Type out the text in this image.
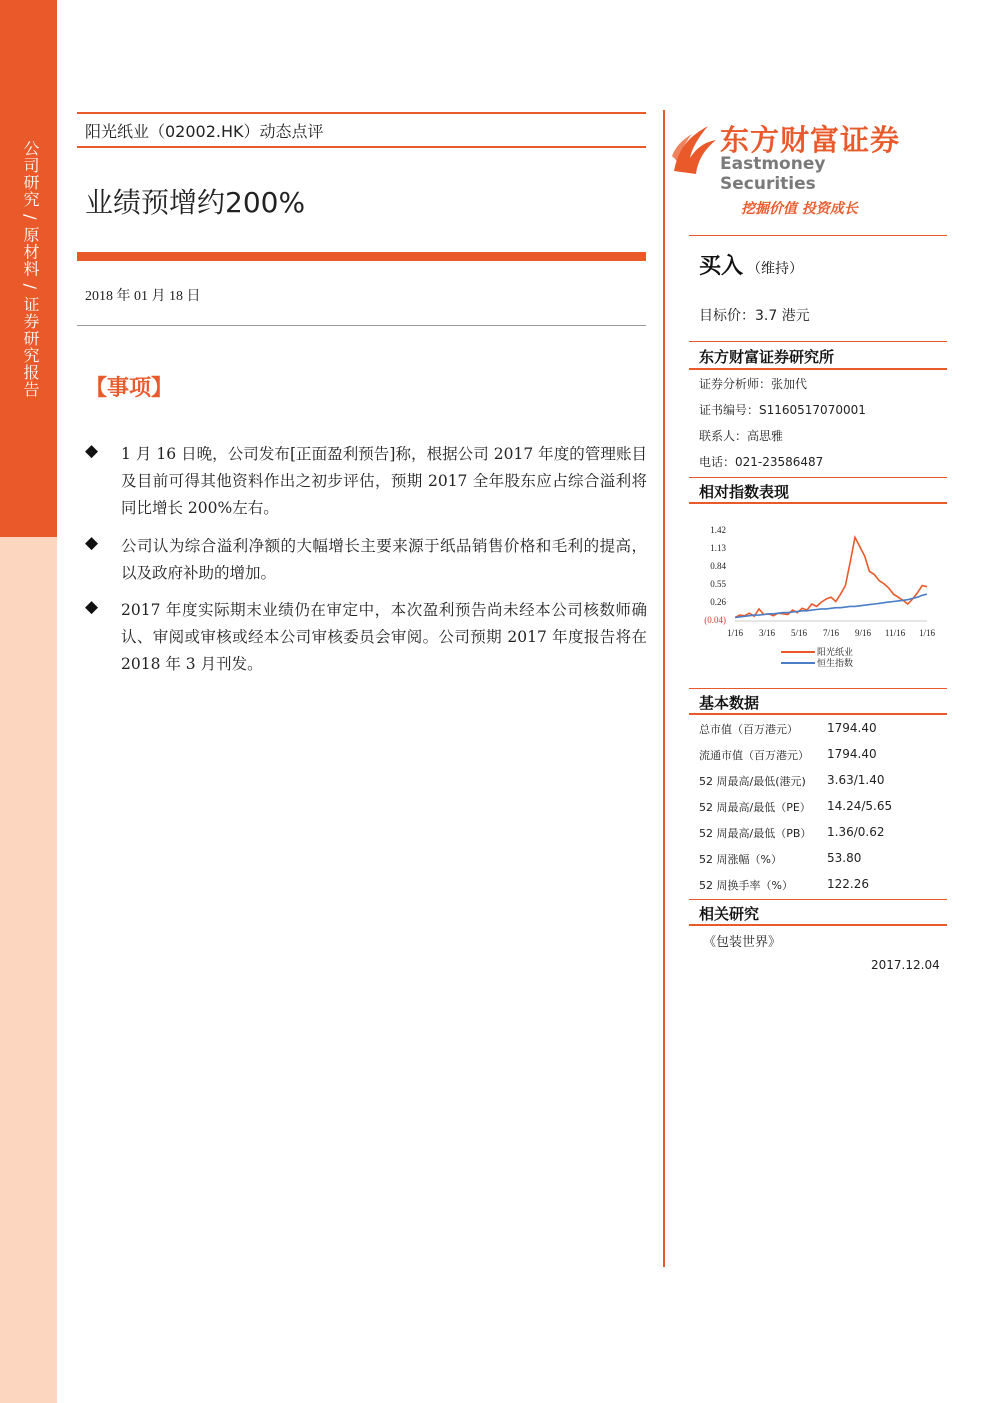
公司研究 / 原材料 / 证券研究报告
阳光纸业（02002.HK）动态点评
业绩预增约200%
2018 年 01 月 18 日
【事项】
◆ 1 月 16 日晚，公司发布[正面盈利预告]称，根据公司 2017 年度的管理账目及目前可得其他资料作出之初步评估，预期 2017 全年股东应占综合溢利将同比增长 200%左右。
◆ 公司认为综合溢利净额的大幅增长主要来源于纸品销售价格和毛利的提高，以及政府补助的增加。
◆ 2017 年度实际期末业绩仍在审定中，本次盈利预告尚未经本公司核数师确认、审阅或审核或经本公司审核委员会审阅。公司预期 2017 年度报告将在 2018 年 3 月刊发。
东方财富证券
Eastmoney Securities
挖掘价值 投资成长
买入 （维持）
目标价：3.7 港元
东方财富证券研究所
证券分析师：张加代
证书编号：S1160517070001
联系人：高思雅
电话：021-23586487
相对指数表现
1.42
1.13
0.84
0.55
0.26
(0.04)
1/16 3/16 5/16 7/16 9/16 11/16 1/16
阳光纸业
恒生指数
基本数据
总市值（百万港元） 1794.40
流通市值（百万港元） 1794.40
52 周最高/最低(港元) 3.63/1.40
52 周最高/最低（PE） 14.24/5.65
52 周最高/最低（PB） 1.36/0.62
52 周涨幅（%）	53.80
52 周换手率（%）	122.26
相关研究
《包装世界》
2017.12.04
